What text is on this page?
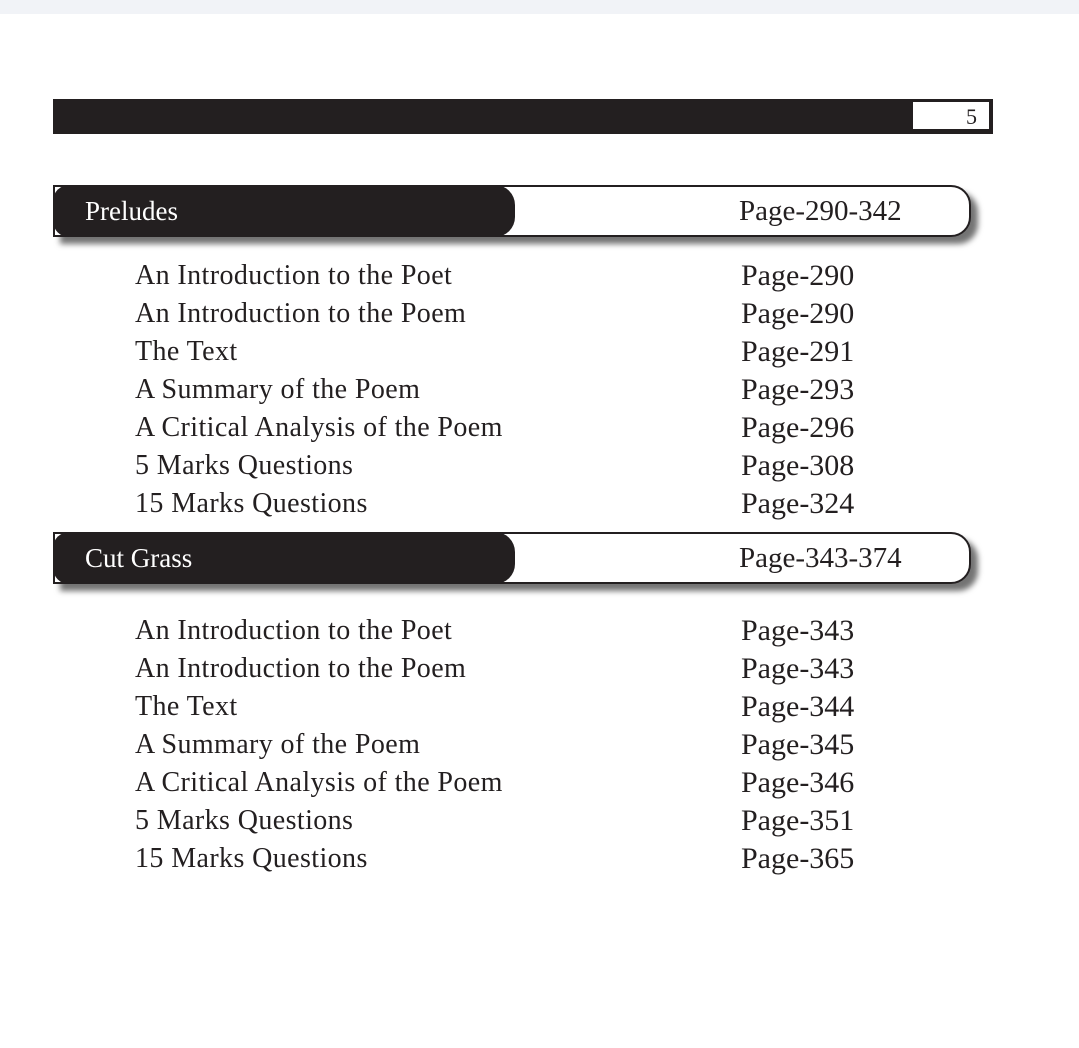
5
Preludes	Page-290-342
An Introduction to the Poet	Page-290
An Introduction to the Poem	Page-290
The Text	Page-291
A Summary of the Poem	Page-293
A Critical Analysis of the Poem	Page-296
5 Marks Questions	Page-308
15 Marks Questions	Page-324
Cut Grass	Page-343-374
An Introduction to the Poet	Page-343
An Introduction to the Poem	Page-343
The Text	Page-344
A Summary of the Poem	Page-345
A Critical Analysis of the Poem	Page-346
5 Marks Questions	Page-351
15 Marks Questions	Page-365
